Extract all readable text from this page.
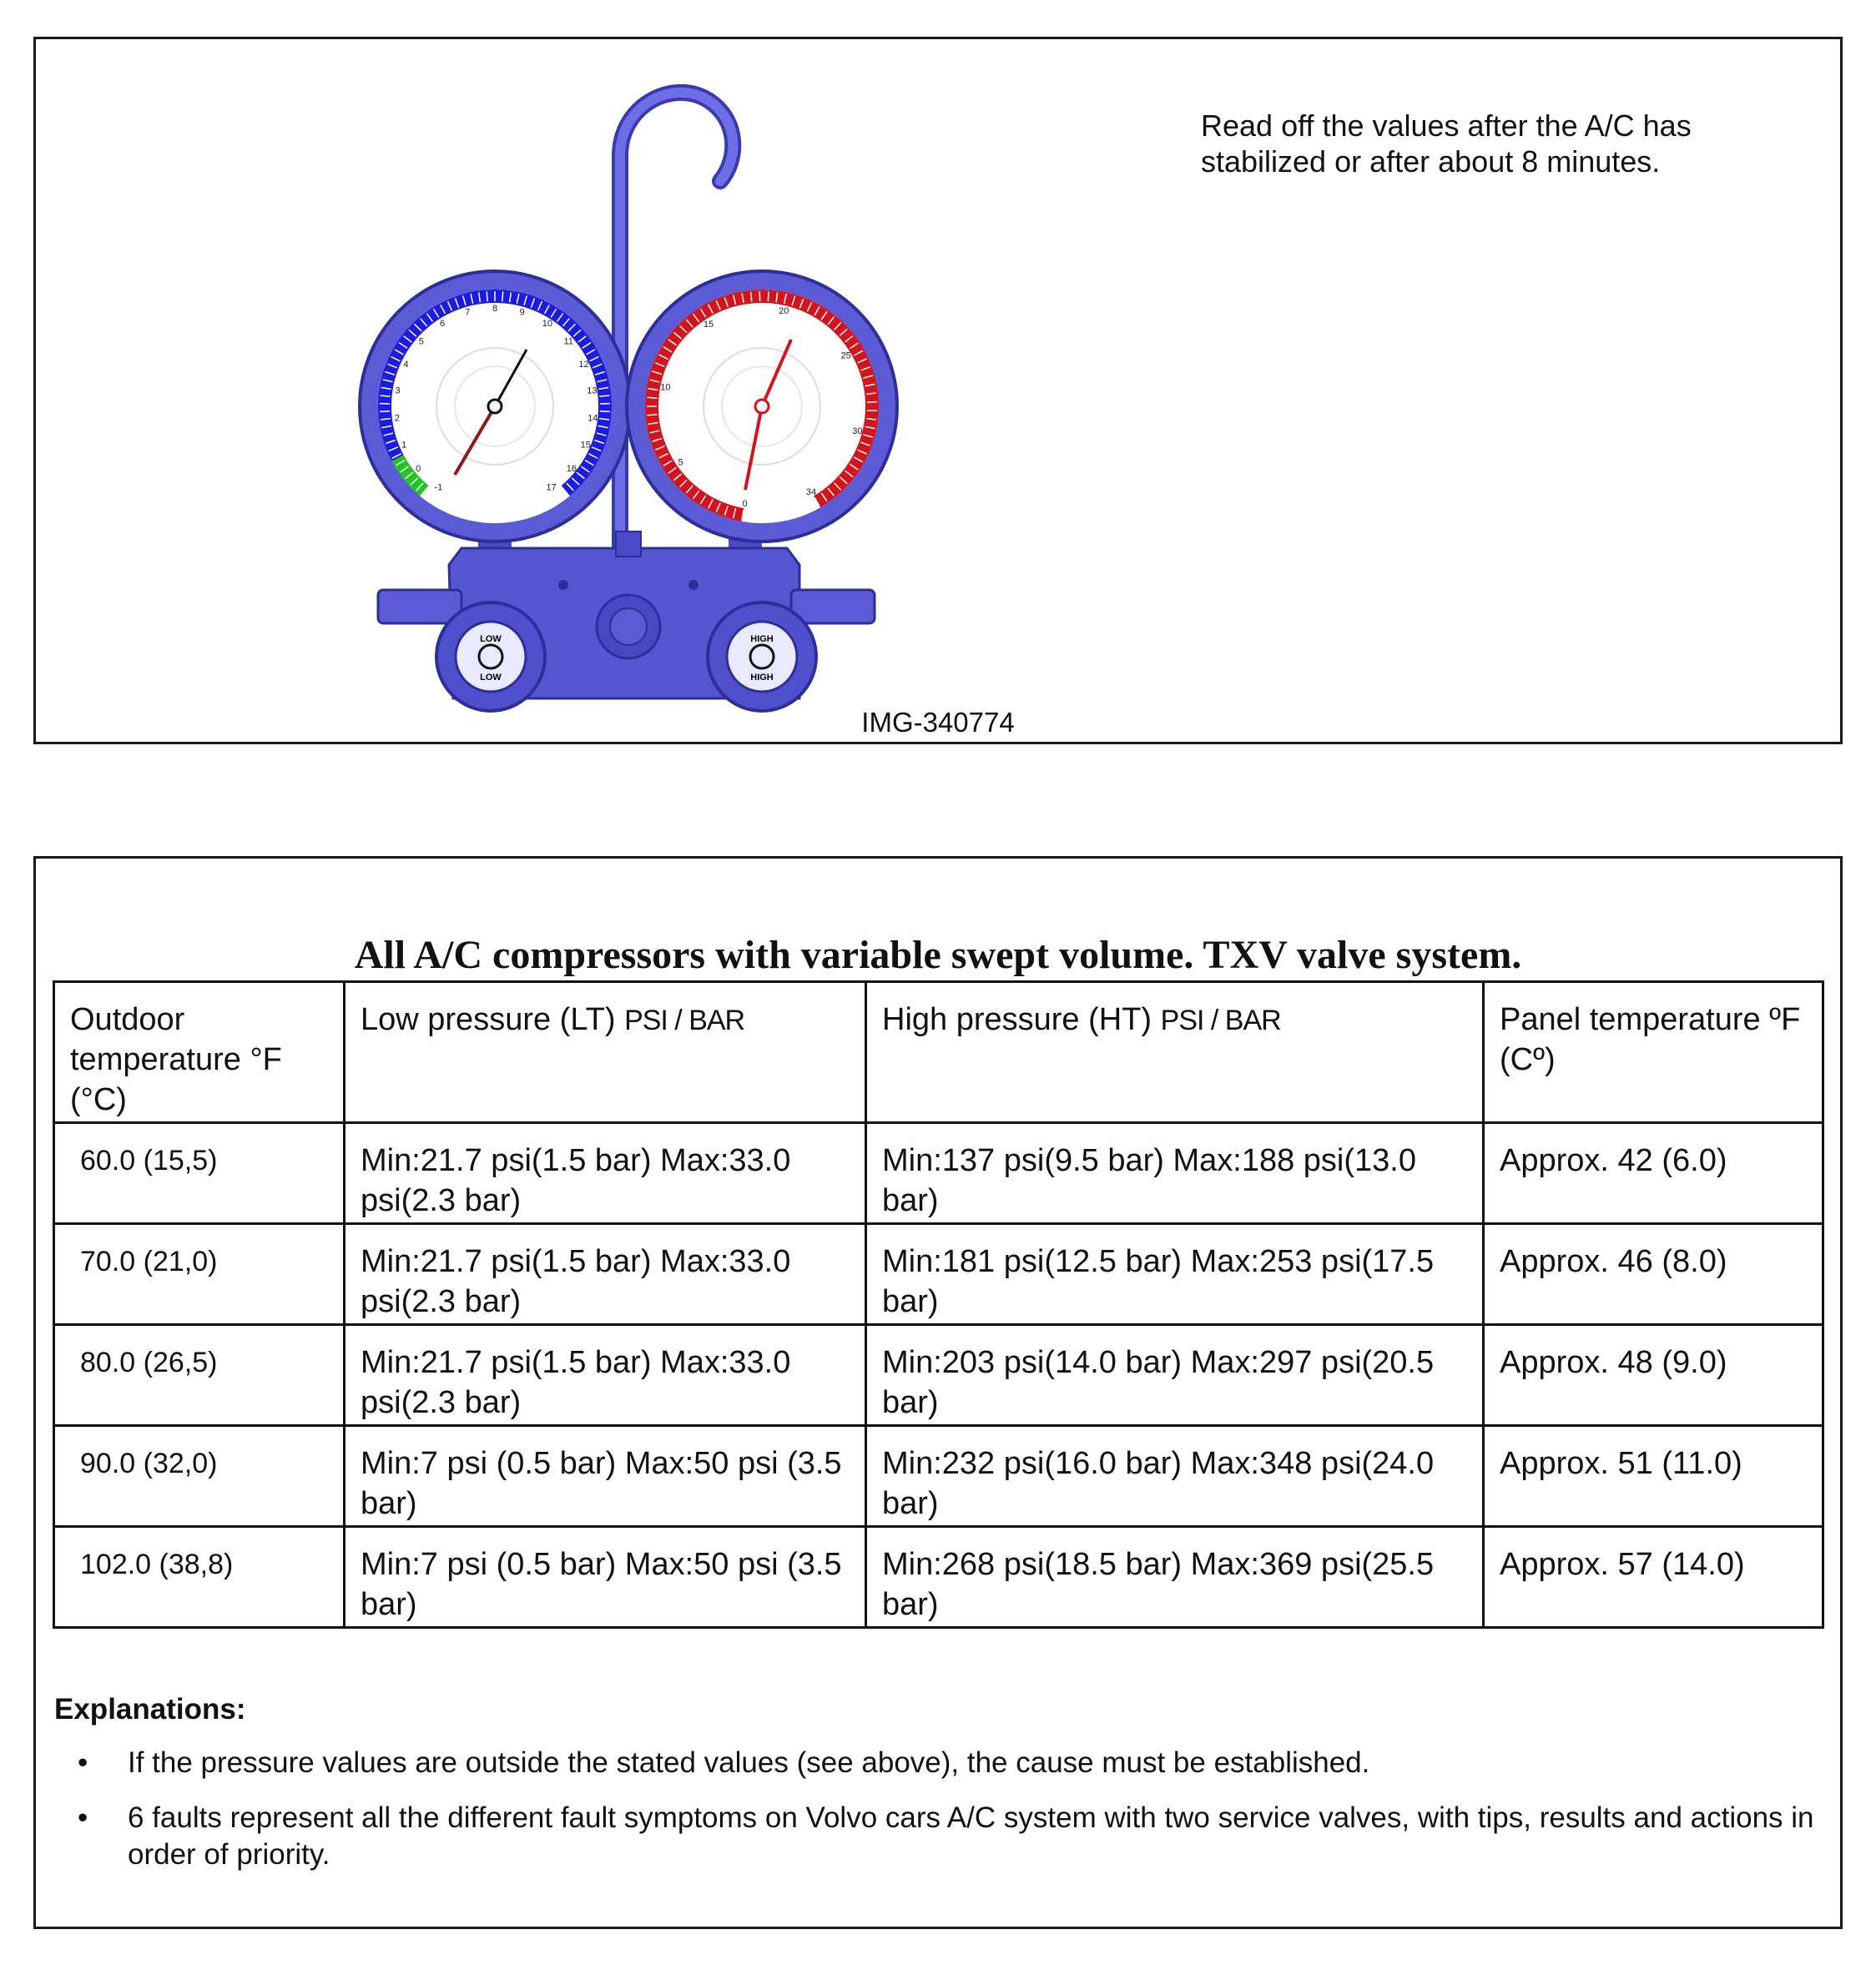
LOW
LOW
HIGH
HIGH
-1
0
1
2
3
4
5
6
7 8 9
10
11
12
13
14
15
16
17
0
5
10
15
20
25
30
34
Read off the values after the A/C has stabilized or after about 8 minutes.
IMG-340774
All A/C compressors with variable swept volume. TXV valve system.
Outdoor temperature °F (°C)	Low pressure (LT) PSI / BAR	High pressure (HT) PSI / BAR	Panel temperature ºF (Cº)
60.0 (15,5)	Min:21.7 psi(1.5 bar) Max:33.0 psi(2.3 bar)	Min:137 psi(9.5 bar) Max:188 psi(13.0 bar)	Approx. 42 (6.0)
70.0 (21,0)	Min:21.7 psi(1.5 bar) Max:33.0 psi(2.3 bar)	Min:181 psi(12.5 bar) Max:253 psi(17.5 bar)	Approx. 46 (8.0)
80.0 (26,5)	Min:21.7 psi(1.5 bar) Max:33.0 psi(2.3 bar)	Min:203 psi(14.0 bar) Max:297 psi(20.5 bar)	Approx. 48 (9.0)
90.0 (32,0)	Min:7 psi (0.5 bar) Max:50 psi (3.5 bar)	Min:232 psi(16.0 bar) Max:348 psi(24.0 bar)	Approx. 51 (11.0)
102.0 (38,8)	Min:7 psi (0.5 bar) Max:50 psi (3.5 bar)	Min:268 psi(18.5 bar) Max:369 psi(25.5 bar)	Approx. 57 (14.0)
Explanations:
• If the pressure values are outside the stated values (see above), the cause must be established.
• 6 faults represent all the different fault symptoms on Volvo cars A/C system with two service valves, with tips, results and actions in order of priority.
